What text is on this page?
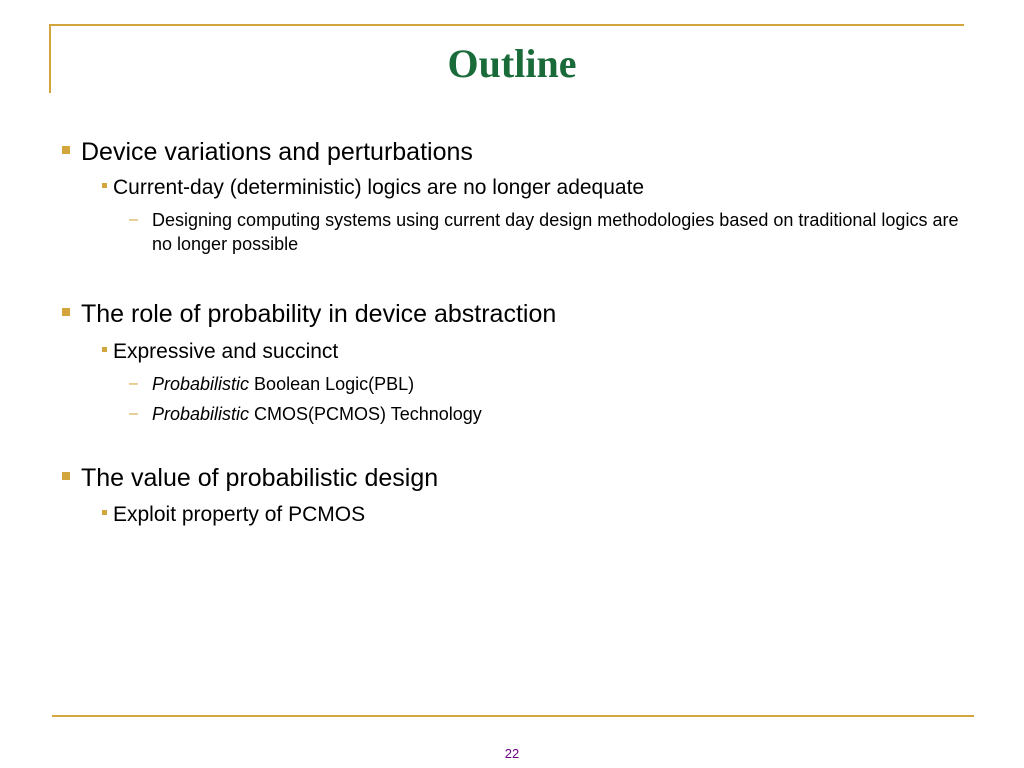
Outline
Device variations and perturbations
Current-day (deterministic) logics are no longer adequate
– Designing computing systems using current day design methodologies based on traditional logics are no longer possible
The role of probability in device abstraction
Expressive and succinct
– Probabilistic Boolean Logic(PBL)
– Probabilistic CMOS(PCMOS) Technology
The value of probabilistic design
Exploit property of PCMOS
22
